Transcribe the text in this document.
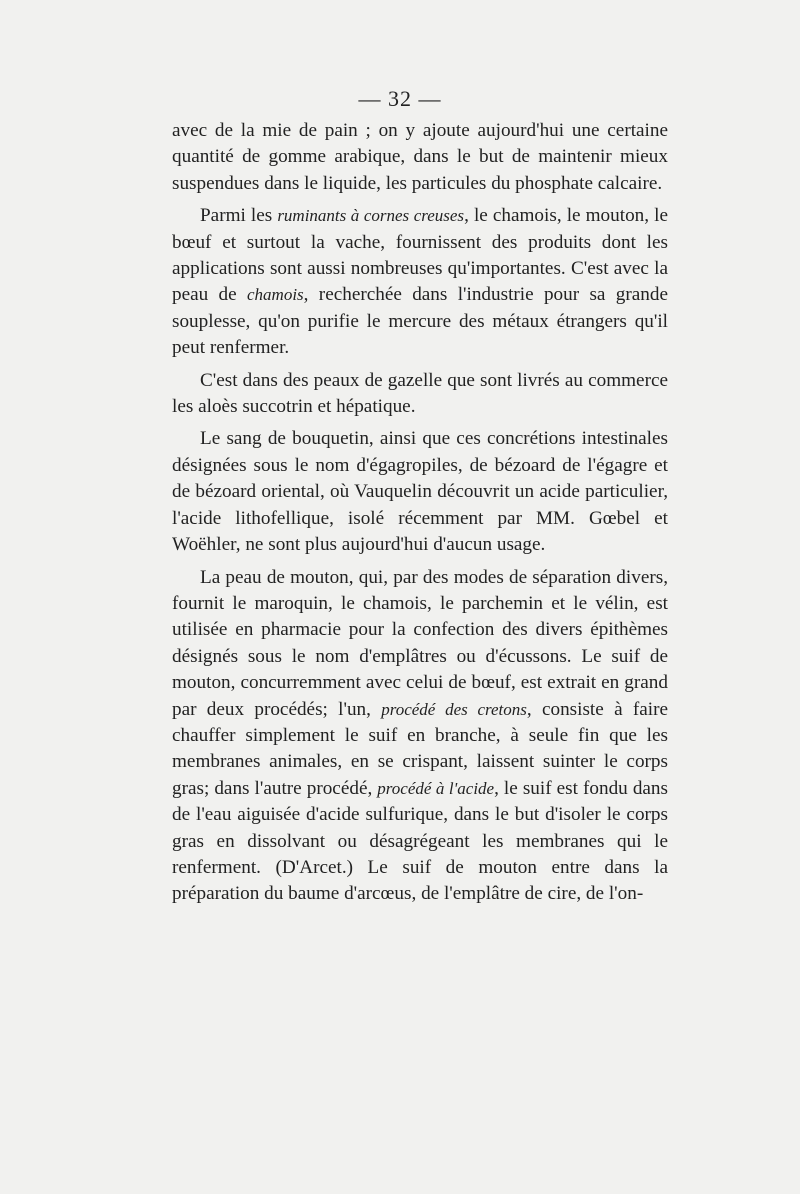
— 32 —

avec de la mie de pain ; on y ajoute aujourd'hui une certaine quantité de gomme arabique, dans le but de maintenir mieux suspendues dans le liquide, les particules du phosphate calcaire.

Parmi les ruminants à cornes creuses, le chamois, le mouton, le bœuf et surtout la vache, fournissent des produits dont les applications sont aussi nombreuses qu'importantes. C'est avec la peau de chamois, recherchée dans l'industrie pour sa grande souplesse, qu'on purifie le mercure des métaux étrangers qu'il peut renfermer.

C'est dans des peaux de gazelle que sont livrés au commerce les aloès succotrin et hépatique.

Le sang de bouquetin, ainsi que ces concrétions intestinales désignées sous le nom d'égagropiles, de bézoard de l'égagre et de bézoard oriental, où Vauquelin découvrit un acide particulier, l'acide lithofellique, isolé récemment par MM. Gœbel et Woëhler, ne sont plus aujourd'hui d'aucun usage.

La peau de mouton, qui, par des modes de séparation divers, fournit le maroquin, le chamois, le parchemin et le vélin, est utilisée en pharmacie pour la confection des divers épithèmes désignés sous le nom d'emplâtres ou d'écussons. Le suif de mouton, concurremment avec celui de bœuf, est extrait en grand par deux procédés; l'un, procédé des cretons, consiste à faire chauffer simplement le suif en branche, à seule fin que les membranes animales, en se crispant, laissent suinter le corps gras; dans l'autre procédé, procédé à l'acide, le suif est fondu dans de l'eau aiguisée d'acide sulfurique, dans le but d'isoler le corps gras en dissolvant ou désagrégeant les membranes qui le renferment. (D'Arcet.) Le suif de mouton entre dans la préparation du baume d'arcœus, de l'emplâtre de cire, de l'on-
